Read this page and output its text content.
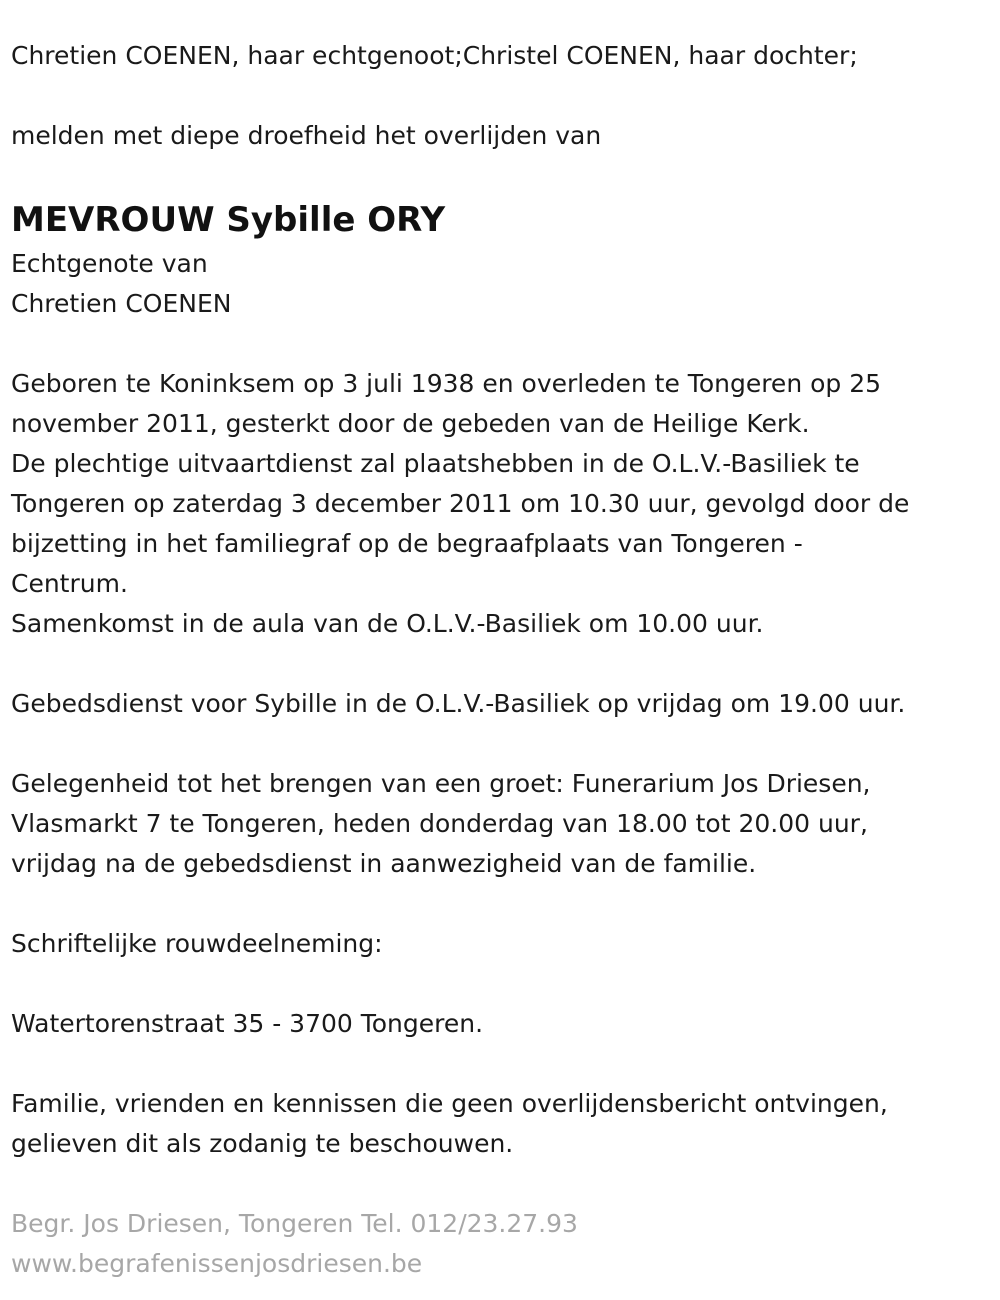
Chretien COENEN, haar echtgenoot;Christel COENEN, haar dochter;
melden met diepe droefheid het overlijden van
MEVROUW Sybille ORY
Echtgenote van
Chretien COENEN
Geboren te Koninksem op 3 juli 1938 en overleden te Tongeren op 25
november 2011, gesterkt door de gebeden van de Heilige Kerk.
De plechtige uitvaartdienst zal plaatshebben in de O.L.V.-Basiliek te
Tongeren op zaterdag 3 december 2011 om 10.30 uur, gevolgd door de
bijzetting in het familiegraf op de begraafplaats van Tongeren -
Centrum.
Samenkomst in de aula van de O.L.V.-Basiliek om 10.00 uur.
Gebedsdienst voor Sybille in de O.L.V.-Basiliek op vrijdag om 19.00 uur.
Gelegenheid tot het brengen van een groet: Funerarium Jos Driesen,
Vlasmarkt 7 te Tongeren, heden donderdag van 18.00 tot 20.00 uur,
vrijdag na de gebedsdienst in aanwezigheid van de familie.
Schriftelijke rouwdeelneming:
Watertorenstraat 35 - 3700 Tongeren.
Familie, vrienden en kennissen die geen overlijdensbericht ontvingen,
gelieven dit als zodanig te beschouwen.
Begr. Jos Driesen, Tongeren Tel. 012/23.27.93
www.begrafenissenjosdriesen.be
